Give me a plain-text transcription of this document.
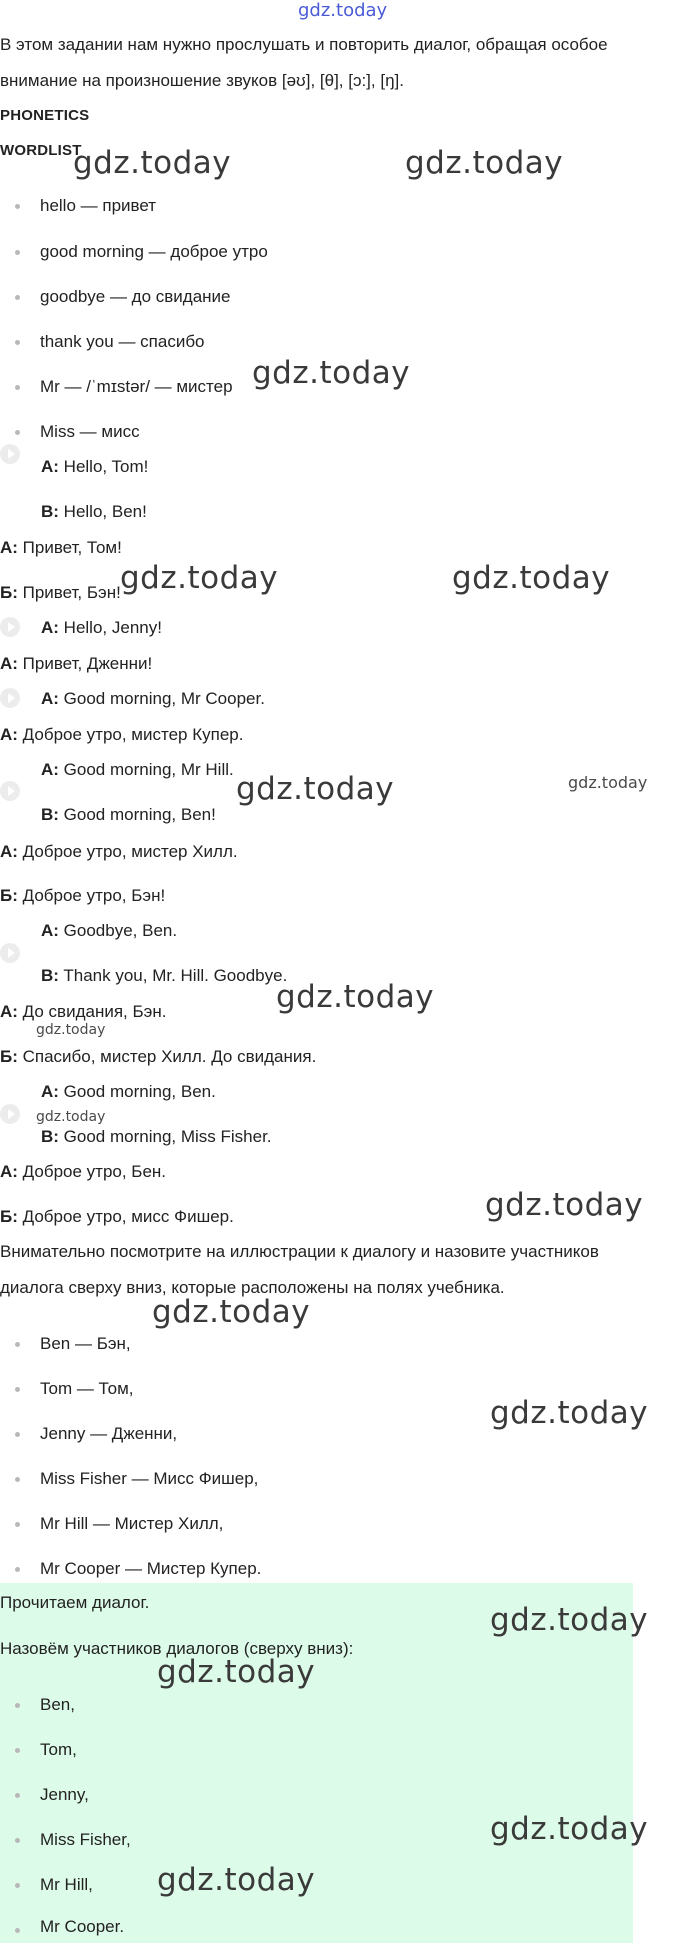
gdz.today
В этом задании нам нужно прослушать и повторить диалог, обращая особое
внимание на произношение звуков [əʊ], [θ], [ɔ:], [ŋ].
PHONETICS
WORDLIST
hello — привет
good morning — доброе утро
goodbye — до свидание
thank you — спасибо
Mr — /ˈmɪstər/ — мистер
Miss — мисс
A: Hello, Tom!
B: Hello, Ben!
А: Привет, Том!
Б: Привет, Бэн!
A: Hello, Jenny!
А: Привет, Дженни!
A: Good morning, Mr Cooper.
А: Доброе утро, мистер Купер.
A: Good morning, Mr Hill.
B: Good morning, Ben!
А: Доброе утро, мистер Хилл.
Б: Доброе утро, Бэн!
A: Goodbye, Ben.
B: Thank you, Mr. Hill. Goodbye.
А: До свидания, Бэн.
Б: Спасибо, мистер Хилл. До свидания.
A: Good morning, Ben.
B: Good morning, Miss Fisher.
А: Доброе утро, Бен.
Б: Доброе утро, мисс Фишер.
Внимательно посмотрите на иллюстрации к диалогу и назовите участников
диалога сверху вниз, которые расположены на полях учебника.
Ben — Бэн,
Tom — Том,
Jenny — Дженни,
Miss Fisher — Мисс Фишер,
Mr Hill — Мистер Хилл,
Mr Cooper — Мистер Купер.
Прочитаем диалог.
Назовём участников диалогов (сверху вниз):
Ben,
Tom,
Jenny,
Miss Fisher,
Mr Hill,
Mr Cooper.
gdz.today	gdz.today
gdz.today
gdz.today	gdz.today
gdz.today	gdz.today
gdz.today
gdz.today
gdz.today
gdz.today
gdz.today
gdz.today
gdz.today
gdz.today
gdz.today
gdz.today
